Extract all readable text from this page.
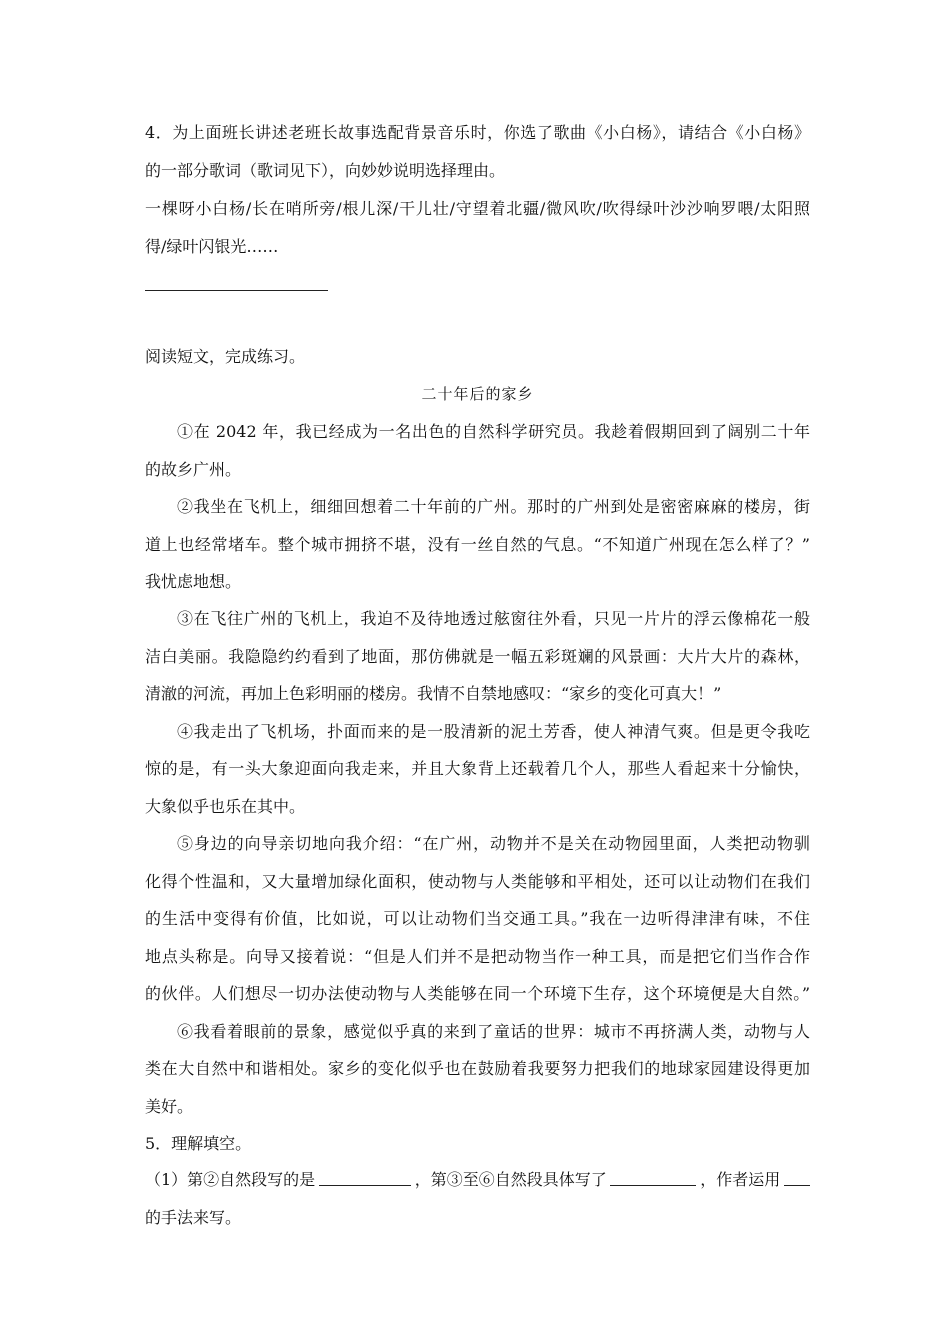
4．为上面班长讲述老班长故事选配背景音乐时，你选了歌曲《小白杨》，请结合《小白杨》
的一部分歌词（歌词见下），向妙妙说明选择理由。
一棵呀小白杨/长在哨所旁/根儿深/干儿壮/守望着北疆/微风吹/吹得绿叶沙沙响罗喂/太阳照
得/绿叶闪银光……
阅读短文，完成练习。
二十年后的家乡
①在 2042 年，我已经成为一名出色的自然科学研究员。我趁着假期回到了阔别二十年
的故乡广州。
②我坐在飞机上，细细回想着二十年前的广州。那时的广州到处是密密麻麻的楼房，街
道上也经常堵车。整个城市拥挤不堪，没有一丝自然的气息。“不知道广州现在怎么样了？”
我忧虑地想。
③在飞往广州的飞机上，我迫不及待地透过舷窗往外看，只见一片片的浮云像棉花一般
洁白美丽。我隐隐约约看到了地面，那仿佛就是一幅五彩斑斓的风景画：大片大片的森林，
清澈的河流，再加上色彩明丽的楼房。我情不自禁地感叹：“家乡的变化可真大！”
④我走出了飞机场，扑面而来的是一股清新的泥土芳香，使人神清气爽。但是更令我吃
惊的是，有一头大象迎面向我走来，并且大象背上还载着几个人，那些人看起来十分愉快，
大象似乎也乐在其中。
⑤身边的向导亲切地向我介绍：“在广州，动物并不是关在动物园里面，人类把动物驯
化得个性温和，又大量增加绿化面积，使动物与人类能够和平相处，还可以让动物们在我们
的生活中变得有价值，比如说，可以让动物们当交通工具。”我在一边听得津津有味，不住
地点头称是。向导又接着说：“但是人们并不是把动物当作一种工具，而是把它们当作合作
的伙伴。人们想尽一切办法使动物与人类能够在同一个环境下生存，这个环境便是大自然。”
⑥我看着眼前的景象，感觉似乎真的来到了童话的世界：城市不再挤满人类，动物与人
类在大自然中和谐相处。家乡的变化似乎也在鼓励着我要努力把我们的地球家园建设得更加
美好。
5．理解填空。
（1）第②自然段写的是	，第③至⑥自然段具体写了	，作者运用
的手法来写。
